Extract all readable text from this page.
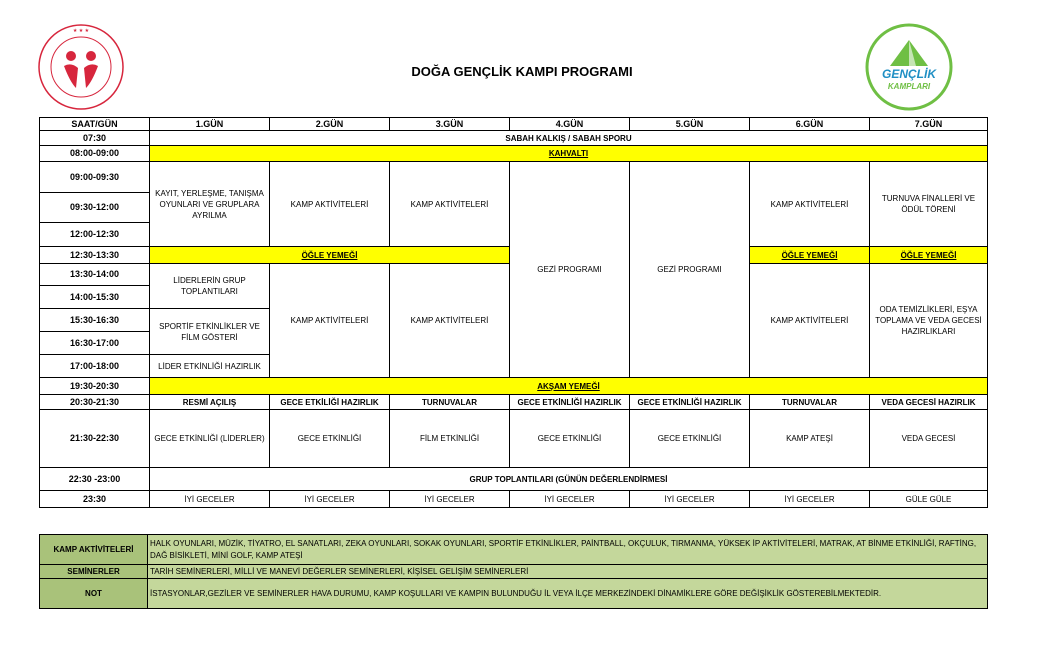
★ ★ ★
GENÇLİK
KAMPLARI
DOĞA GENÇLİK KAMPI PROGRAMI
SAAT/GÜN	1.GÜN	2.GÜN	3.GÜN	4.GÜN	5.GÜN	6.GÜN	7.GÜN
07:30	SABAH KALKIŞ / SABAH SPORU						
08:00-09:00	KAHVALTI						
09:00-09:30	KAYIT, YERLEŞME, TANIŞMA OYUNLARI VE GRUPLARA AYRILMA	KAMP AKTİVİTELERİ	KAMP AKTİVİTELERİ	GEZİ PROGRAMI	GEZİ PROGRAMI	KAMP AKTİVİTELERİ	TURNUVA FİNALLERİ VE ÖDÜL TÖRENİ
09:30-12:00							
12:00-12:30							
12:30-13:30	ÖĞLE YEMEĞİ					ÖĞLE YEMEĞİ	ÖĞLE YEMEĞİ
13:30-14:00	LİDERLERİN GRUP TOPLANTILARI	KAMP AKTİVİTELERİ	KAMP AKTİVİTELERİ			KAMP AKTİVİTELERİ	ODA TEMİZLİKLERİ, EŞYA TOPLAMA VE VEDA GECESİ HAZIRLIKLARI
14:00-15:30							
15:30-16:30	SPORTİF ETKİNLİKLER VE FİLM GÖSTERİ						
16:30-17:00							
17:00-18:00	LİDER ETKİNLİĞİ HAZIRLIK						
19:30-20:30	AKŞAM YEMEĞİ						
20:30-21:30	RESMİ AÇILIŞ	GECE ETKİLİĞİ HAZIRLIK	TURNUVALAR	GECE ETKİNLİĞİ HAZIRLIK	GECE ETKİNLİĞİ HAZIRLIK	TURNUVALAR	VEDA GECESİ HAZIRLIK
21:30-22:30	GECE ETKİNLİĞİ (LİDERLER)	GECE ETKİNLİĞİ	FİLM ETKİNLİĞİ	GECE ETKİNLİĞİ	GECE ETKİNLİĞİ	KAMP ATEŞİ	VEDA GECESİ
22:30 -23:00	GRUP TOPLANTILARI (GÜNÜN DEĞERLENDİRMESİ						
23:30	İYİ GECELER	İYİ GECELER	İYİ GECELER	İYİ GECELER	İYİ GECELER	İYİ GECELER	GÜLE GÜLE
KAMP AKTİVİTELERİ	HALK OYUNLARI, MÜZİK, TİYATRO, EL SANATLARI, ZEKA OYUNLARI, SOKAK OYUNLARI, SPORTİF ETKİNLİKLER, PAİNTBALL, OKÇULUK, TIRMANMA, YÜKSEK İP AKTİVİTELERİ, MATRAK, AT BİNME ETKİNLİĞİ, RAFTİNG, DAĞ BİSİKLETİ, MİNİ GOLF, KAMP ATEŞİ
SEMİNERLER	TARİH SEMİNERLERİ, MİLLİ VE MANEVİ DEĞERLER SEMİNERLERİ, KİŞİSEL GELİŞİM SEMİNERLERİ
NOT	İSTASYONLAR,GEZİLER VE SEMİNERLER HAVA DURUMU, KAMP KOŞULLARI VE KAMPIN BULUNDUĞU İL VEYA İLÇE MERKEZİNDEKİ DİNAMİKLERE GÖRE DEĞİŞİKLİK GÖSTEREBİLMEKTEDİR.
